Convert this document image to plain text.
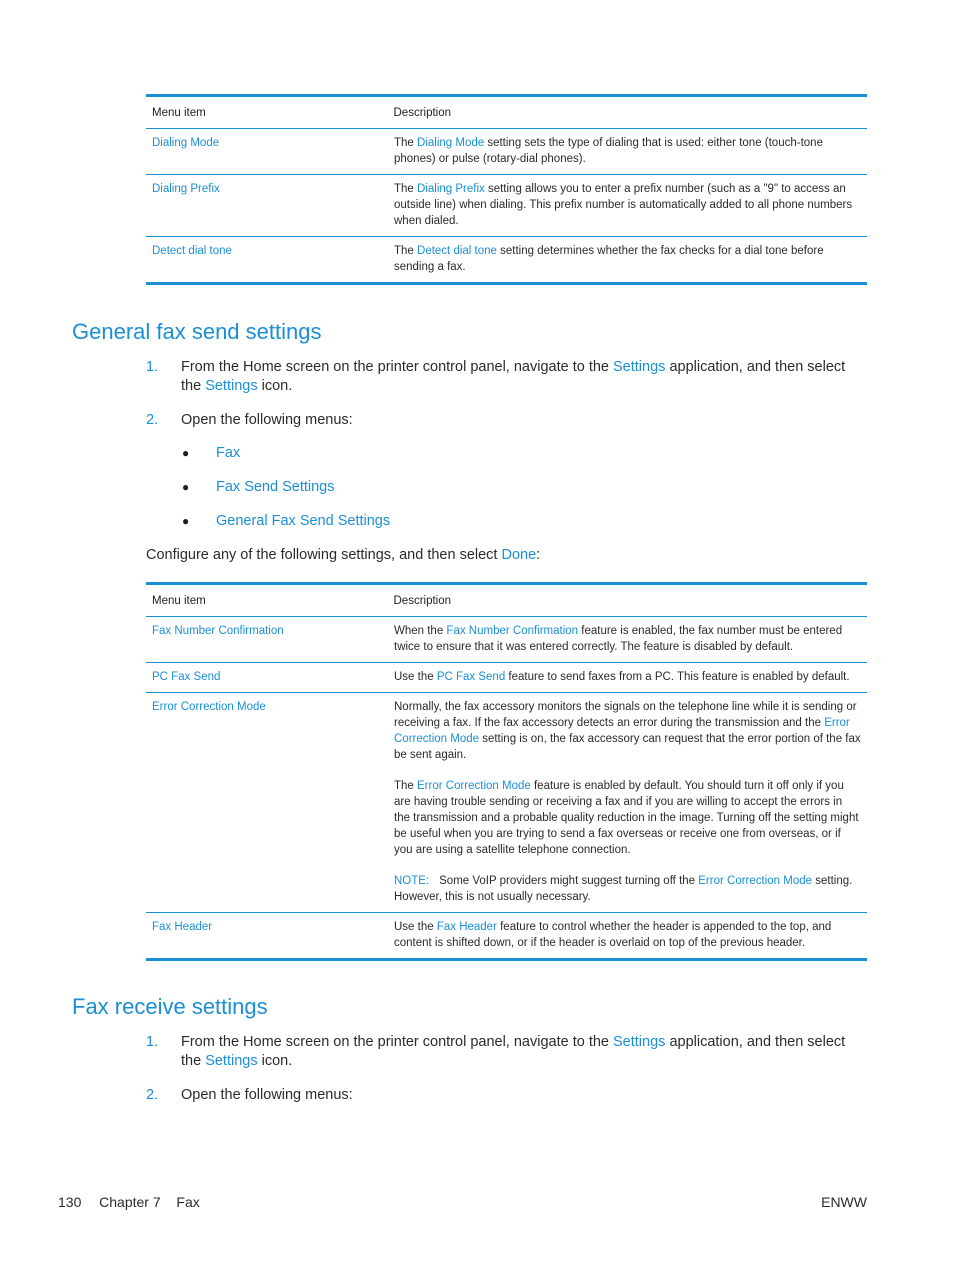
Menu item	Description
Dialing Mode	The Dialing Mode setting sets the type of dialing that is used: either tone (touch-tone phones) or pulse (rotary-dial phones).
Dialing Prefix	The Dialing Prefix setting allows you to enter a prefix number (such as a "9" to access an outside line) when dialing. This prefix number is automatically added to all phone numbers when dialed.
Detect dial tone	The Detect dial tone setting determines whether the fax checks for a dial tone before sending a fax.
General fax send settings
1. From the Home screen on the printer control panel, navigate to the Settings application, and then select the Settings icon.
2. Open the following menus:
● Fax
● Fax Send Settings
● General Fax Send Settings
Configure any of the following settings, and then select Done:
Menu item	Description
Fax Number Confirmation	When the Fax Number Confirmation feature is enabled, the fax number must be entered twice to ensure that it was entered correctly. The feature is disabled by default.
PC Fax Send	Use the PC Fax Send feature to send faxes from a PC. This feature is enabled by default.
Error Correction Mode	Normally, the fax accessory monitors the signals on the telephone line while it is sending or receiving a fax. If the fax accessory detects an error during the transmission and the Error Correction Mode setting is on, the fax accessory can request that the error portion of the fax be sent again.

The Error Correction Mode feature is enabled by default. You should turn it off only if you are having trouble sending or receiving a fax and if you are willing to accept the errors in the transmission and a probable quality reduction in the image. Turning off the setting might be useful when you are trying to send a fax overseas or receive one from overseas, or if you are using a satellite telephone connection.

NOTE: Some VoIP providers might suggest turning off the Error Correction Mode setting. However, this is not usually necessary.

Fax Header	Use the Fax Header feature to control whether the header is appended to the top, and content is shifted down, or if the header is overlaid on top of the previous header.
Fax receive settings
1. From the Home screen on the printer control panel, navigate to the Settings application, and then select the Settings icon.
2. Open the following menus:
130 Chapter 7 Fax	ENWW
